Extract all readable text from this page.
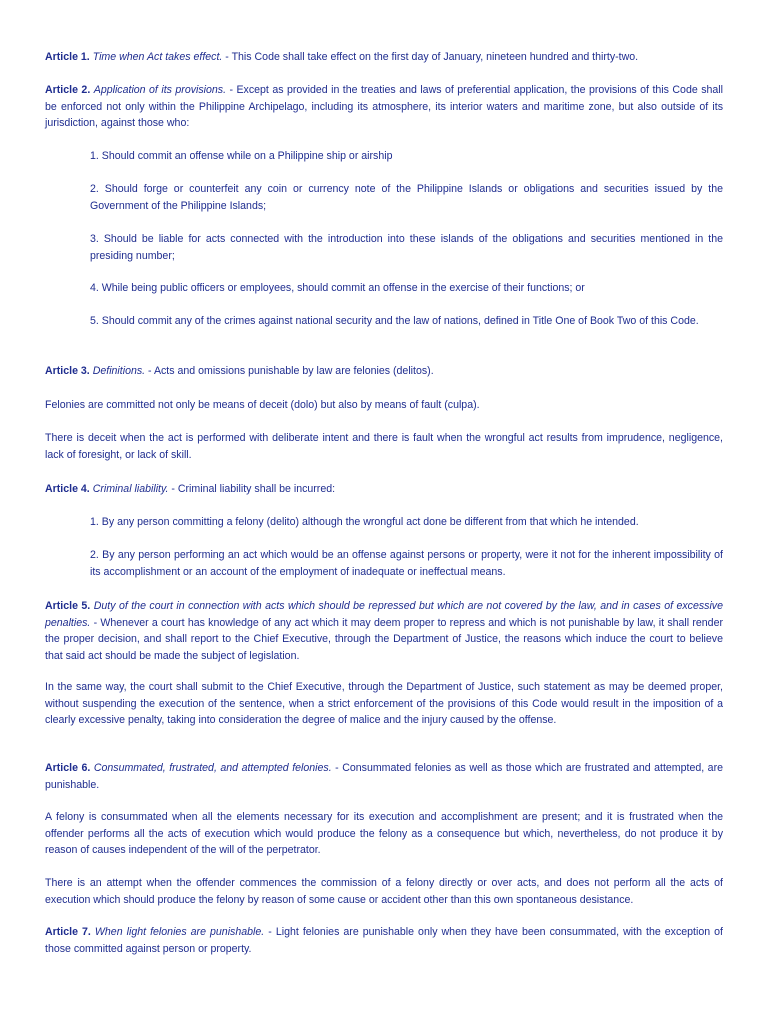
Article 1. Time when Act takes effect. - This Code shall take effect on the first day of January, nineteen hundred and thirty-two.

Article 2. Application of its provisions. - Except as provided in the treaties and laws of preferential application, the provisions of this Code shall be enforced not only within the Philippine Archipelago, including its atmosphere, its interior waters and maritime zone, but also outside of its jurisdiction, against those who:

1. Should commit an offense while on a Philippine ship or airship

2. Should forge or counterfeit any coin or currency note of the Philippine Islands or obligations and securities issued by the Government of the Philippine Islands;

3. Should be liable for acts connected with the introduction into these islands of the obligations and securities mentioned in the presiding number;

4. While being public officers or employees, should commit an offense in the exercise of their functions; or

5. Should commit any of the crimes against national security and the law of nations, defined in Title One of Book Two of this Code.

Article 3. Definitions. - Acts and omissions punishable by law are felonies (delitos).

Felonies are committed not only be means of deceit (dolo) but also by means of fault (culpa).

There is deceit when the act is performed with deliberate intent and there is fault when the wrongful act results from imprudence, negligence, lack of foresight, or lack of skill.

Article 4. Criminal liability. - Criminal liability shall be incurred:

1. By any person committing a felony (delito) although the wrongful act done be different from that which he intended.

2. By any person performing an act which would be an offense against persons or property, were it not for the inherent impossibility of its accomplishment or an account of the employment of inadequate or ineffectual means.

Article 5. Duty of the court in connection with acts which should be repressed but which are not covered by the law, and in cases of excessive penalties. - Whenever a court has knowledge of any act which it may deem proper to repress and which is not punishable by law, it shall render the proper decision, and shall report to the Chief Executive, through the Department of Justice, the reasons which induce the court to believe that said act should be made the subject of legislation.

In the same way, the court shall submit to the Chief Executive, through the Department of Justice, such statement as may be deemed proper, without suspending the execution of the sentence, when a strict enforcement of the provisions of this Code would result in the imposition of a clearly excessive penalty, taking into consideration the degree of malice and the injury caused by the offense.

Article 6. Consummated, frustrated, and attempted felonies. - Consummated felonies as well as those which are frustrated and attempted, are punishable.

A felony is consummated when all the elements necessary for its execution and accomplishment are present; and it is frustrated when the offender performs all the acts of execution which would produce the felony as a consequence but which, nevertheless, do not produce it by reason of causes independent of the will of the perpetrator.

There is an attempt when the offender commences the commission of a felony directly or over acts, and does not perform all the acts of execution which should produce the felony by reason of some cause or accident other than this own spontaneous desistance.

Article 7. When light felonies are punishable. - Light felonies are punishable only when they have been consummated, with the exception of those committed against person or property.
